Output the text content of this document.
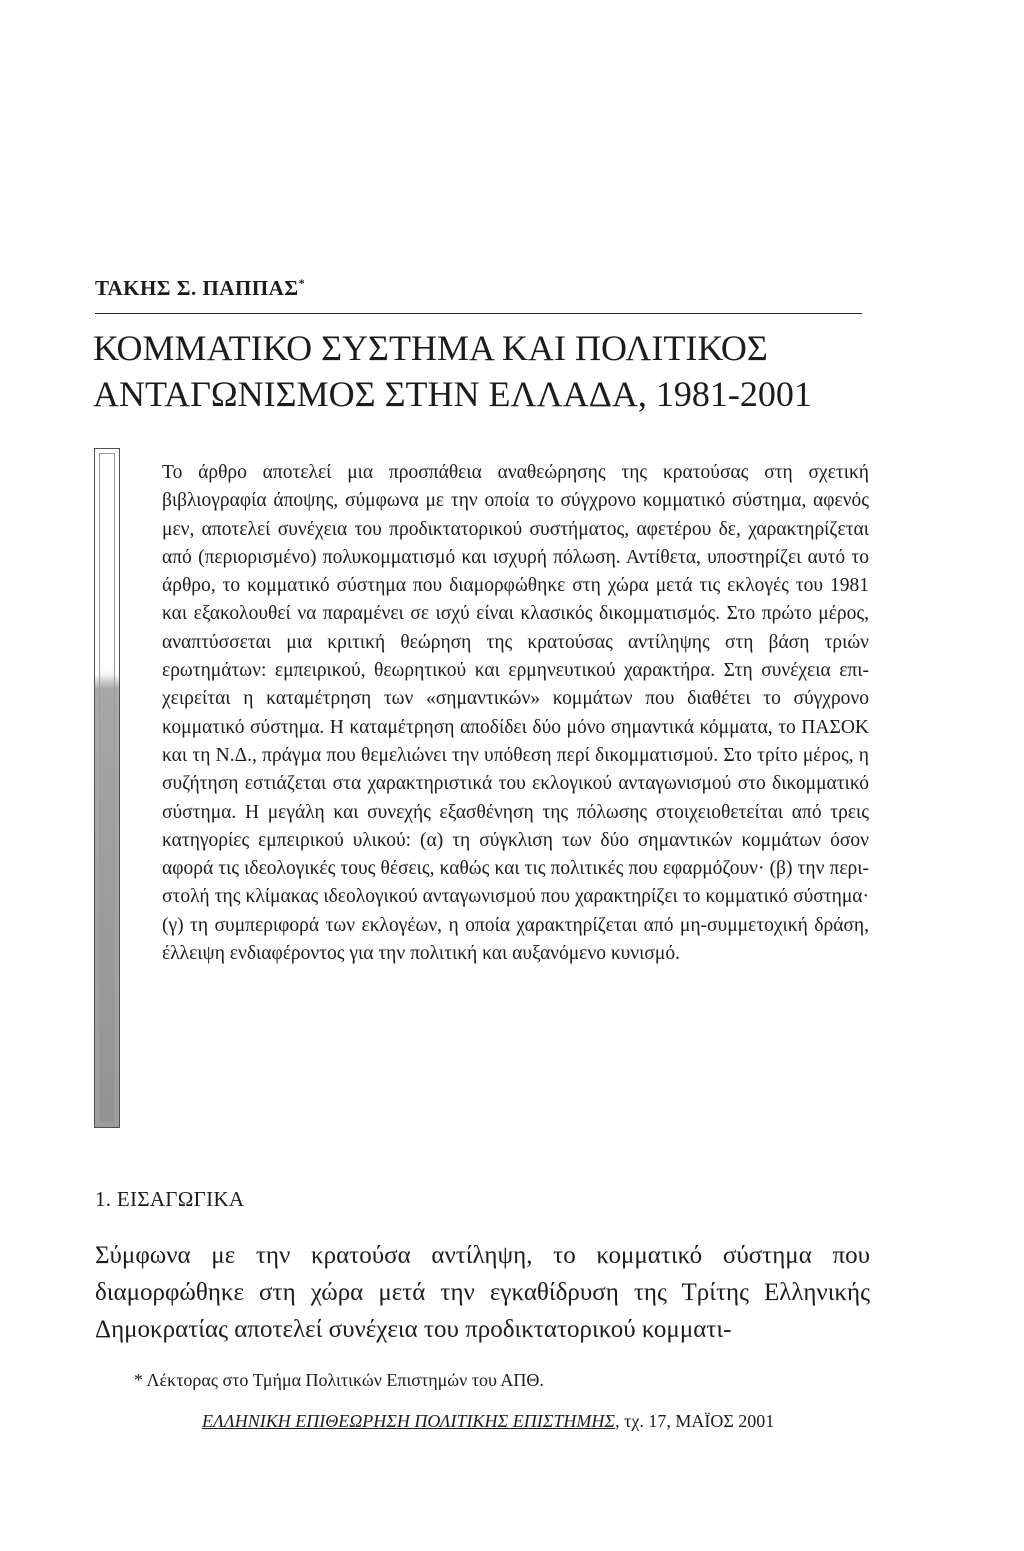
ΤΑΚΗΣ Σ. ΠΑΠΠΑΣ*
ΚΟΜΜΑΤΙΚΟ ΣΥΣΤΗΜΑ ΚΑΙ ΠΟΛΙΤΙΚΟΣ
ΑΝΤΑΓΩΝΙΣΜΟΣ ΣΤΗΝ ΕΛΛΑΔΑ, 1981-2001

Το άρθρο αποτελεί μια προσπάθεια αναθεώρησης της κρατούσας στη σχετική βιβλιογραφία άποψης, σύμφωνα με την οποία το σύγχρονο κομματικό σύστημα, αφενός μεν, αποτελεί συνέχεια του προδικτατορικού συστήματος, αφετέρου δε, χαρακτηρίζεται από (περιορισμένο) πολυκομματισμό και ισχυρή πόλωση. Αντίθετα, υποστηρίζει αυτό το άρθρο, το κομματικό σύστημα που διαμορφώθηκε στη χώρα μετά τις εκλογές του 1981 και εξακολουθεί να παραμένει σε ισχύ είναι κλασικός δικομματισμός. Στο πρώτο μέρος, αναπτύσσεται μια κριτική θεώρηση της κρατούσας αντίληψης στη βάση τριών ερωτημάτων: εμπειρικού, θεωρητικού και ερμηνευτικού χαρακτήρα. Στη συνέχεια επιχειρείται η καταμέτρηση των «σημαντικών» κομμάτων που διαθέτει το σύγχρονο κομματικό σύστημα. Η καταμέτρηση αποδίδει δύο μόνο σημαντικά κόμματα, το ΠΑΣΟΚ και τη Ν.Δ., πράγμα που θεμελιώνει την υπόθεση περί δικομματισμού. Στο τρίτο μέρος, η συζήτηση εστιάζεται στα χαρακτηριστικά του εκλογικού ανταγωνισμού στο δικομματικό σύστημα. Η μεγάλη και συνεχής εξασθένηση της πόλωσης στοιχειοθετείται από τρεις κατηγορίες εμπειρικού υλικού: (α) τη σύγκλιση των δύο σημαντικών κομμάτων όσον αφορά τις ιδεολογικές τους θέσεις, καθώς και τις πολιτικές που εφαρμόζουν· (β) την περιστολή της κλίμακας ιδεολογικού ανταγωνισμού που χαρακτηρίζει το κομματικό σύστημα· (γ) τη συμπεριφορά των εκλογέων, η οποία χαρακτηρίζεται από μη-συμμετοχική δράση, έλλειψη ενδιαφέροντος για την πολιτική και αυξανόμενο κυνισμό.

1. ΕΙΣΑΓΩΓΙΚΑ

Σύμφωνα με την κρατούσα αντίληψη, το κομματικό σύστημα που διαμορφώθηκε στη χώρα μετά την εγκαθίδρυση της Τρίτης Ελληνικής Δημοκρατίας αποτελεί συνέχεια του προδικτατορικού κομματι-

* Λέκτορας στο Τμήμα Πολιτικών Επιστημών του ΑΠΘ.

ΕΛΛΗΝΙΚΗ ΕΠΙΘΕΩΡΗΣΗ ΠΟΛΙΤΙΚΗΣ ΕΠΙΣΤΗΜΗΣ, τχ. 17, ΜΑΪΟΣ 2001
